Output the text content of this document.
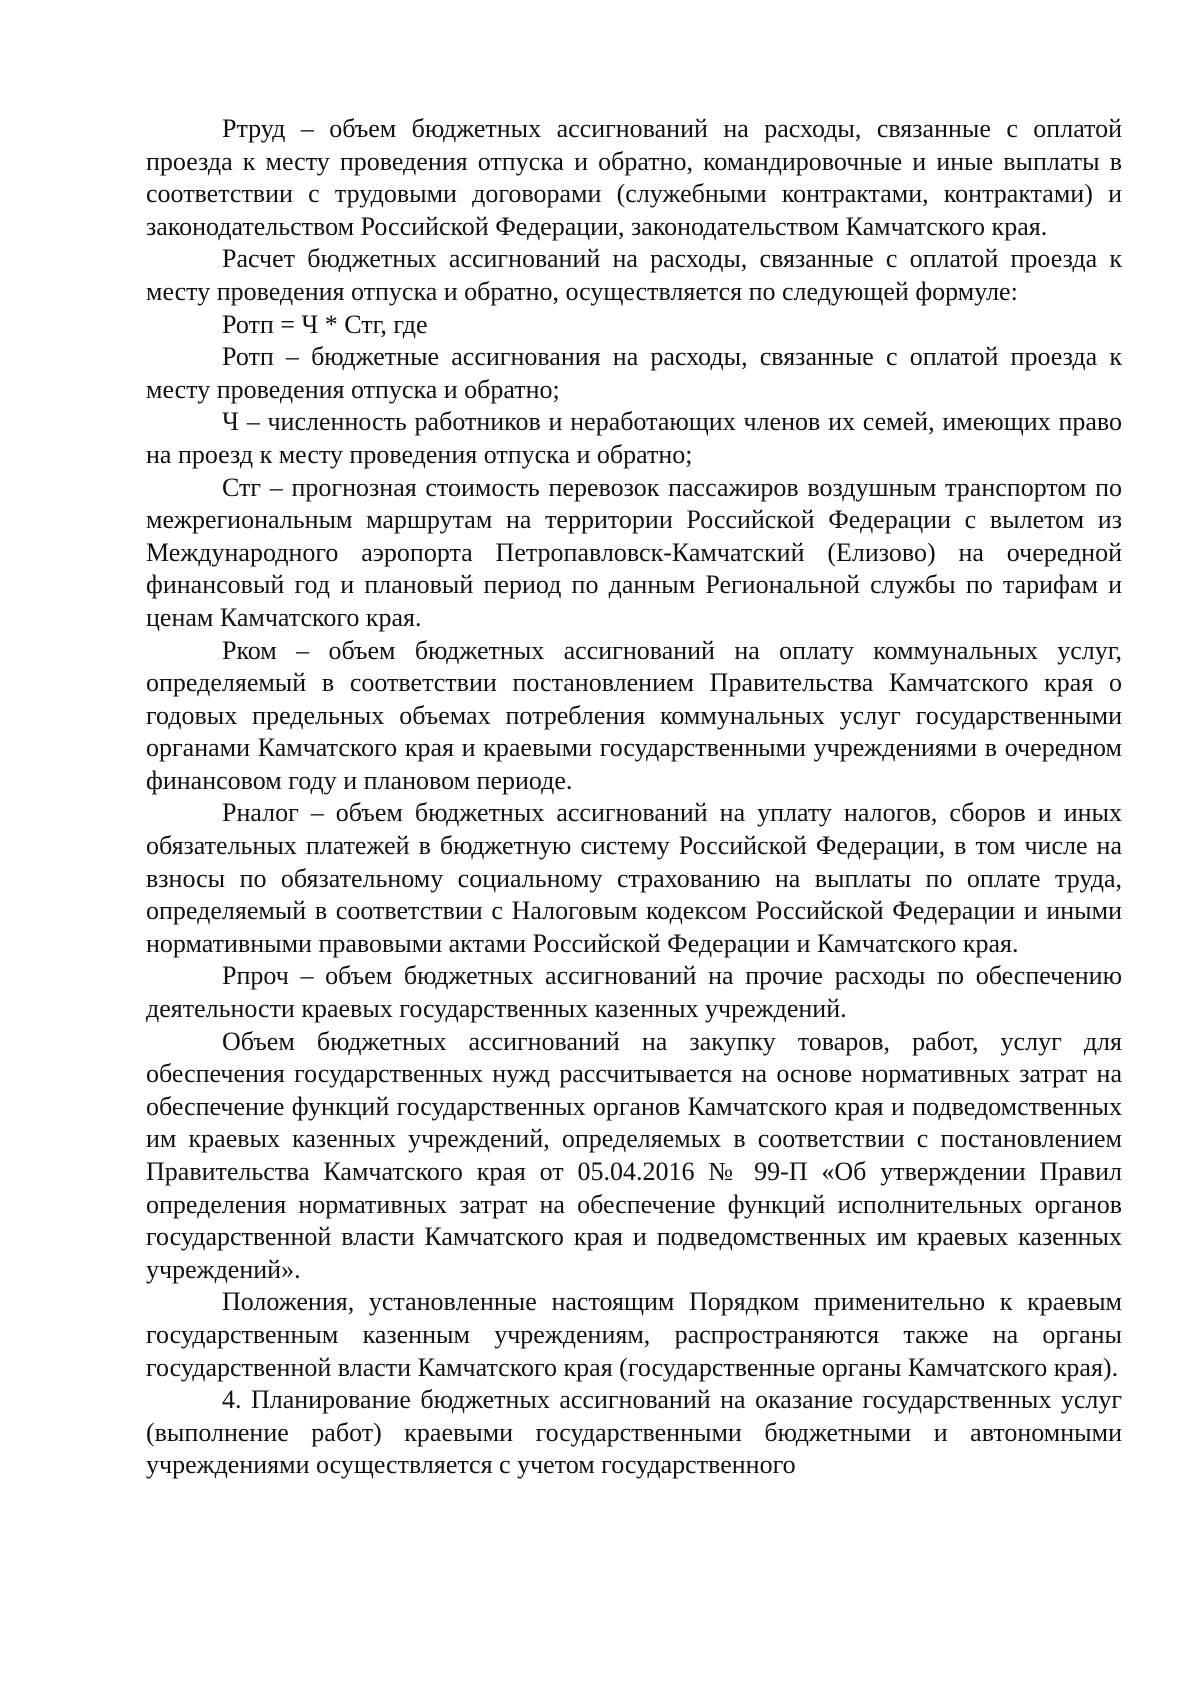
Ртруд – объем бюджетных ассигнований на расходы, связанные с оплатой проезда к месту проведения отпуска и обратно, командировочные и иные выплаты в соответствии с трудовыми договорами (служебными контрактами, контрактами) и законодательством Российской Федерации, законодательством Камчатского края.

Расчет бюджетных ассигнований на расходы, связанные с оплатой проезда к месту проведения отпуска и обратно, осуществляется по следующей формуле:

Ротп = Ч * Стг, где

Ротп – бюджетные ассигнования на расходы, связанные с оплатой проезда к месту проведения отпуска и обратно;

Ч – численность работников и неработающих членов их семей, имеющих право на проезд к месту проведения отпуска и обратно;

Стг – прогнозная стоимость перевозок пассажиров воздушным транспортом по межрегиональным маршрутам на территории Российской Федерации с вылетом из Международного аэропорта Петропавловск-Камчатский (Елизово) на очередной финансовый год и плановый период по данным Региональной службы по тарифам и ценам Камчатского края.

Рком – объем бюджетных ассигнований на оплату коммунальных услуг, определяемый в соответствии постановлением Правительства Камчатского края о годовых предельных объемах потребления коммунальных услуг государственными органами Камчатского края и краевыми государственными учреждениями в очередном финансовом году и плановом периоде.

Рналог – объем бюджетных ассигнований на уплату налогов, сборов и иных обязательных платежей в бюджетную систему Российской Федерации, в том числе на взносы по обязательному социальному страхованию на выплаты по оплате труда, определяемый в соответствии с Налоговым кодексом Российской Федерации и иными нормативными правовыми актами Российской Федерации и Камчатского края.

Рпроч – объем бюджетных ассигнований на прочие расходы по обеспечению деятельности краевых государственных казенных учреждений.

Объем бюджетных ассигнований на закупку товаров, работ, услуг для обеспечения государственных нужд рассчитывается на основе нормативных затрат на обеспечение функций государственных органов Камчатского края и подведомственных им краевых казенных учреждений, определяемых в соответствии с постановлением Правительства Камчатского края от 05.04.2016 № 99-П «Об утверждении Правил определения нормативных затрат на обеспечение функций исполнительных органов государственной власти Камчатского края и подведомственных им краевых казенных учреждений».

Положения, установленные настоящим Порядком применительно к краевым государственным казенным учреждениям, распространяются также на органы государственной власти Камчатского края (государственные органы Камчатского края).

4. Планирование бюджетных ассигнований на оказание государственных услуг (выполнение работ) краевыми государственными бюджетными и автономными учреждениями осуществляется с учетом государственного
